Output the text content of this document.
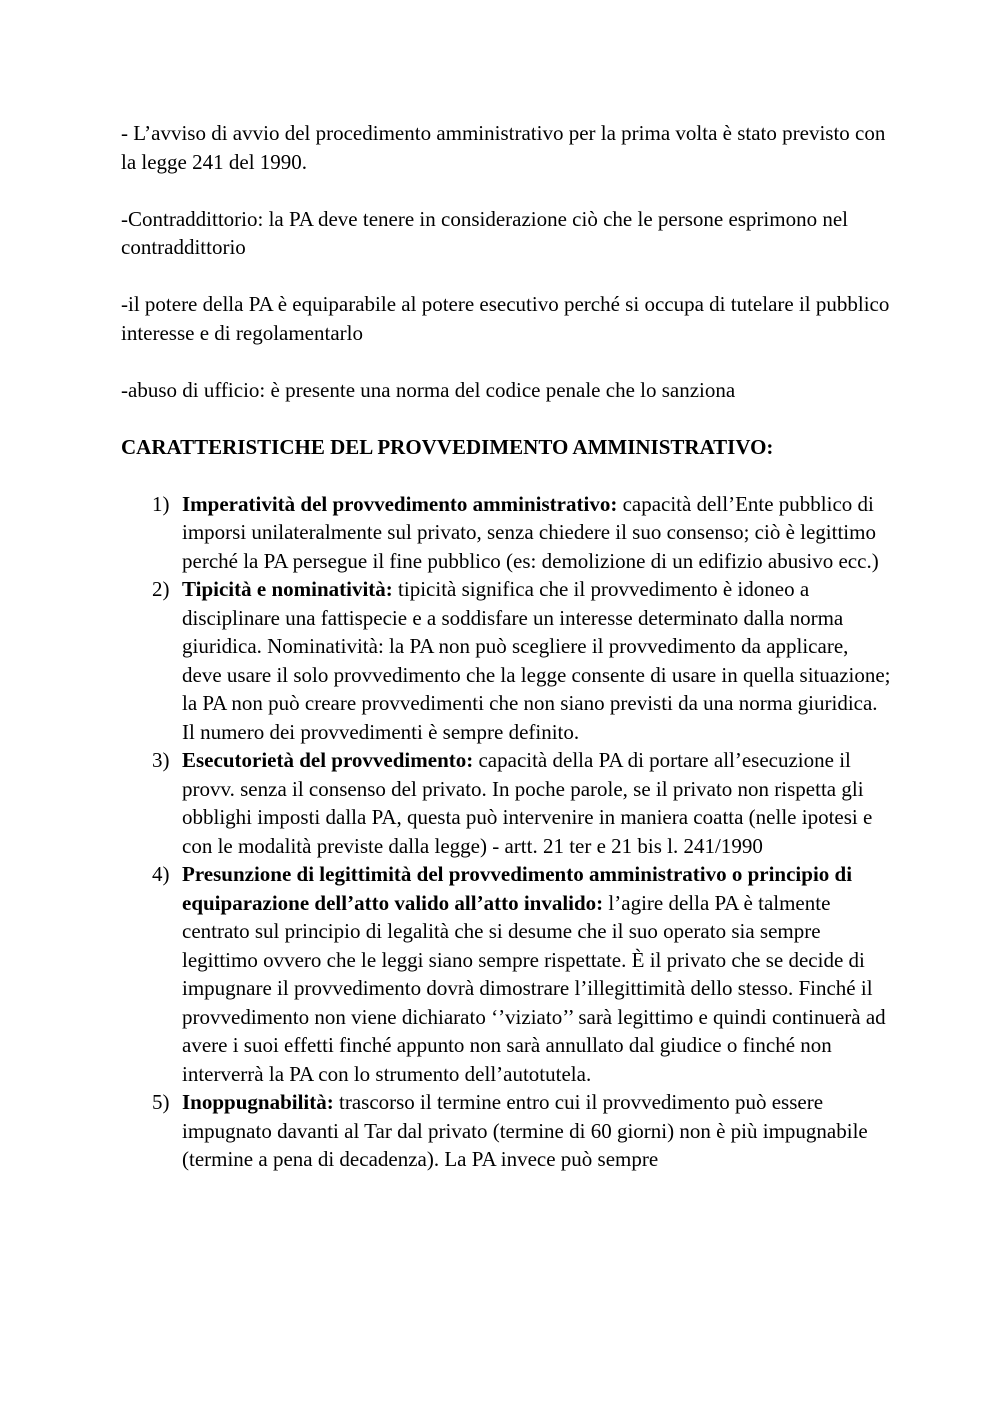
- L’avviso di avvio del procedimento amministrativo per la prima volta è stato previsto con la legge 241 del 1990.

-Contraddittorio: la PA deve tenere in considerazione ciò che le persone esprimono nel contraddittorio

-il potere della PA è equiparabile al potere esecutivo perché si occupa di tutelare il pubblico interesse e di regolamentarlo

-abuso di ufficio: è presente una norma del codice penale che lo sanziona

CARATTERISTICHE DEL PROVVEDIMENTO AMMINISTRATIVO:
1) Imperatività del provvedimento amministrativo: capacità dell’Ente pubblico di imporsi unilateralmente sul privato, senza chiedere il suo consenso; ciò è legittimo perché la PA persegue il fine pubblico (es: demolizione di un edifizio abusivo ecc.)
2) Tipicità e nominatività: tipicità significa che il provvedimento è idoneo a disciplinare una fattispecie e a soddisfare un interesse determinato dalla norma giuridica. Nominatività: la PA non può scegliere il provvedimento da applicare, deve usare il solo provvedimento che la legge consente di usare in quella situazione; la PA non può creare provvedimenti che non siano previsti da una norma giuridica. Il numero dei provvedimenti è sempre definito.
3) Esecutorietà del provvedimento: capacità della PA di portare all’esecuzione il provv. senza il consenso del privato. In poche parole, se il privato non rispetta gli obblighi imposti dalla PA, questa può intervenire in maniera coatta (nelle ipotesi e con le modalità previste dalla legge) - artt. 21 ter e 21 bis l. 241/1990
4) Presunzione di legittimità del provvedimento amministrativo o principio di equiparazione dell’atto valido all’atto invalido: l’agire della PA è talmente centrato sul principio di legalità che si desume che il suo operato sia sempre legittimo ovvero che le leggi siano sempre rispettate. È il privato che se decide di impugnare il provvedimento dovrà dimostrare l’illegittimità dello stesso. Finché il provvedimento non viene dichiarato ‘’viziato’’ sarà legittimo e quindi continuerà ad avere i suoi effetti finché appunto non sarà annullato dal giudice o finché non interverrà la PA con lo strumento dell’autotutela.
5) Inoppugnabilità: trascorso il termine entro cui il provvedimento può essere impugnato davanti al Tar dal privato (termine di 60 giorni) non è più impugnabile (termine a pena di decadenza). La PA invece può sempre
